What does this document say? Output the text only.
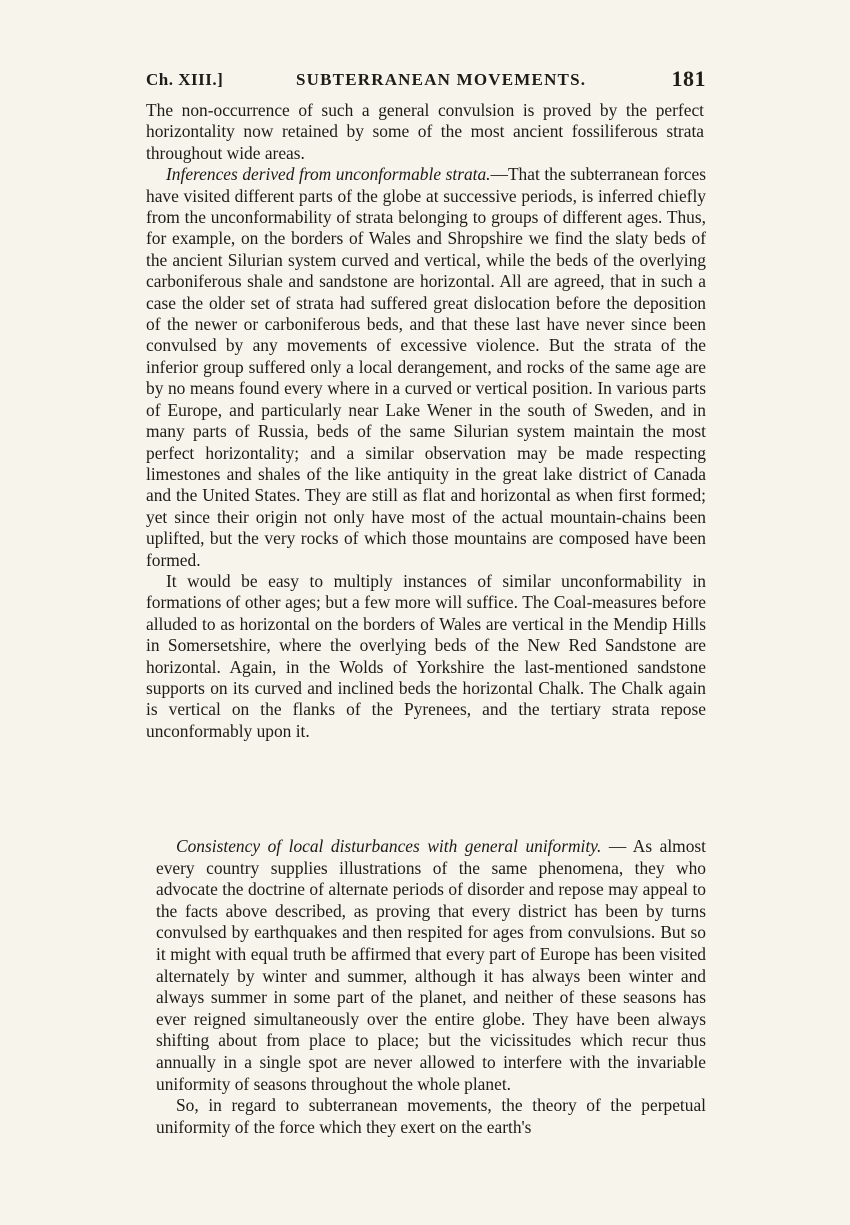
Ch. XIII.]	SUBTERRANEAN MOVEMENTS.	181

The non-occurrence of such a general convulsion is proved by the perfect horizontality now retained by some of the most ancient fossiliferous strata throughout wide areas.

Inferences derived from unconformable strata.—That the subterranean forces have visited different parts of the globe at successive periods, is inferred chiefly from the unconformability of strata belonging to groups of different ages. Thus, for example, on the borders of Wales and Shropshire we find the slaty beds of the ancient Silurian system curved and vertical, while the beds of the overlying carboniferous shale and sandstone are horizontal. All are agreed, that in such a case the older set of strata had suffered great dislocation before the deposition of the newer or carboniferous beds, and that these last have never since been convulsed by any movements of excessive violence. But the strata of the inferior group suffered only a local derangement, and rocks of the same age are by no means found every where in a curved or vertical position. In various parts of Europe, and particularly near Lake Wener in the south of Sweden, and in many parts of Russia, beds of the same Silurian system maintain the most perfect horizontality; and a similar observation may be made respecting limestones and shales of the like antiquity in the great lake district of Canada and the United States. They are still as flat and horizontal as when first formed; yet since their origin not only have most of the actual mountain-chains been uplifted, but the very rocks of which those mountains are composed have been formed.

It would be easy to multiply instances of similar unconformability in formations of other ages; but a few more will suffice. The Coal-measures before alluded to as horizontal on the borders of Wales are vertical in the Mendip Hills in Somersetshire, where the overlying beds of the New Red Sandstone are horizontal. Again, in the Wolds of Yorkshire the last-mentioned sandstone supports on its curved and inclined beds the horizontal Chalk. The Chalk again is vertical on the flanks of the Pyrenees, and the tertiary strata repose unconformably upon it.

Consistency of local disturbances with general uniformity. — As almost every country supplies illustrations of the same phenomena, they who advocate the doctrine of alternate periods of disorder and repose may appeal to the facts above described, as proving that every district has been by turns convulsed by earthquakes and then respited for ages from convulsions. But so it might with equal truth be affirmed that every part of Europe has been visited alternately by winter and summer, although it has always been winter and always summer in some part of the planet, and neither of these seasons has ever reigned simultaneously over the entire globe. They have been always shifting about from place to place; but the vicissitudes which recur thus annually in a single spot are never allowed to interfere with the invariable uniformity of seasons throughout the whole planet.

So, in regard to subterranean movements, the theory of the perpetual uniformity of the force which they exert on the earth's
